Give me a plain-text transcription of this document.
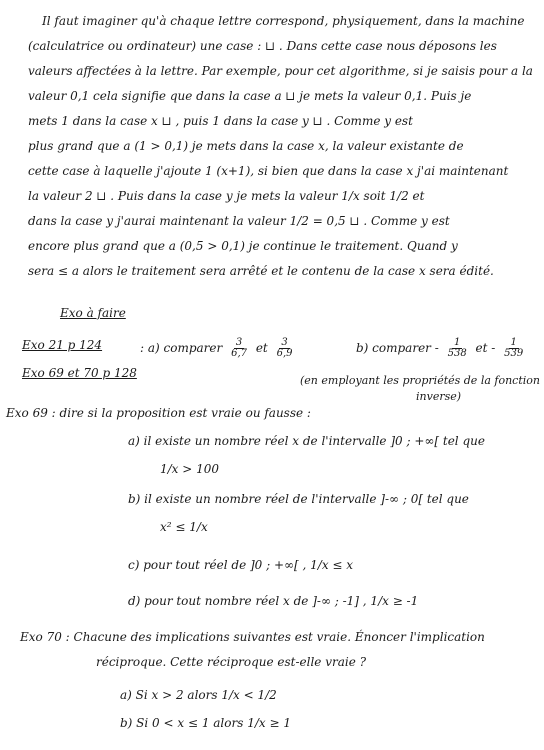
Il faut imaginer qu'à chaque lettre correspond, physiquement, dans la machine
(calculatrice ou ordinateur) une case : ⊔ . Dans cette case nous déposons les
valeurs affectées à la lettre. Par exemple, pour cet algorithme, si je saisis pour a la
valeur 0,1 cela signifie que dans la case a ⊔ je mets la valeur 0,1. Puis je
mets 1 dans la case x ⊔ , puis 1 dans la case y ⊔ . Comme y est
plus grand que a (1 > 0,1) je mets dans la case x, la valeur existante de
cette case à laquelle j'ajoute 1 (x+1), si bien que dans la case x j'ai maintenant
la valeur 2 ⊔ . Puis dans la case y je mets la valeur 1/x soit 1/2 et
dans la case y j'aurai maintenant la valeur 1/2 = 0,5 ⊔ . Comme y est
encore plus grand que a (0,5 > 0,1) je continue le traitement. Quand y
sera ≤ a alors le traitement sera arrêté et le contenu de la case x sera édité.
Exo à faire
Exo 21 p 124	: a) comparer $\frac{3}{6,7}$ et $\frac{3}{6,9}$	b) comparer - $\frac{1}{538}$ et - $\frac{1}{539}$
Exo 69 et 70 p 128
(en employant les propriétés de la fonction
inverse)
Exo 69 : dire si la proposition est vraie ou fausse :
a) il existe un nombre réel x de l'intervalle ]0 ; +∞[ tel que
1/x > 100
b) il existe un nombre réel de l'intervalle ]-∞ ; 0[ tel que
x² ≤ 1/x
c) pour tout réel de ]0 ; +∞[ , 1/x ≤ x
d) pour tout nombre réel x de ]-∞ ; -1] , 1/x ≥ -1
Exo 70 : Chacune des implications suivantes est vraie. Énoncer l'implication
réciproque. Cette réciproque est-elle vraie ?
a) Si x > 2 alors 1/x < 1/2
b) Si 0 < x ≤ 1 alors 1/x ≥ 1
